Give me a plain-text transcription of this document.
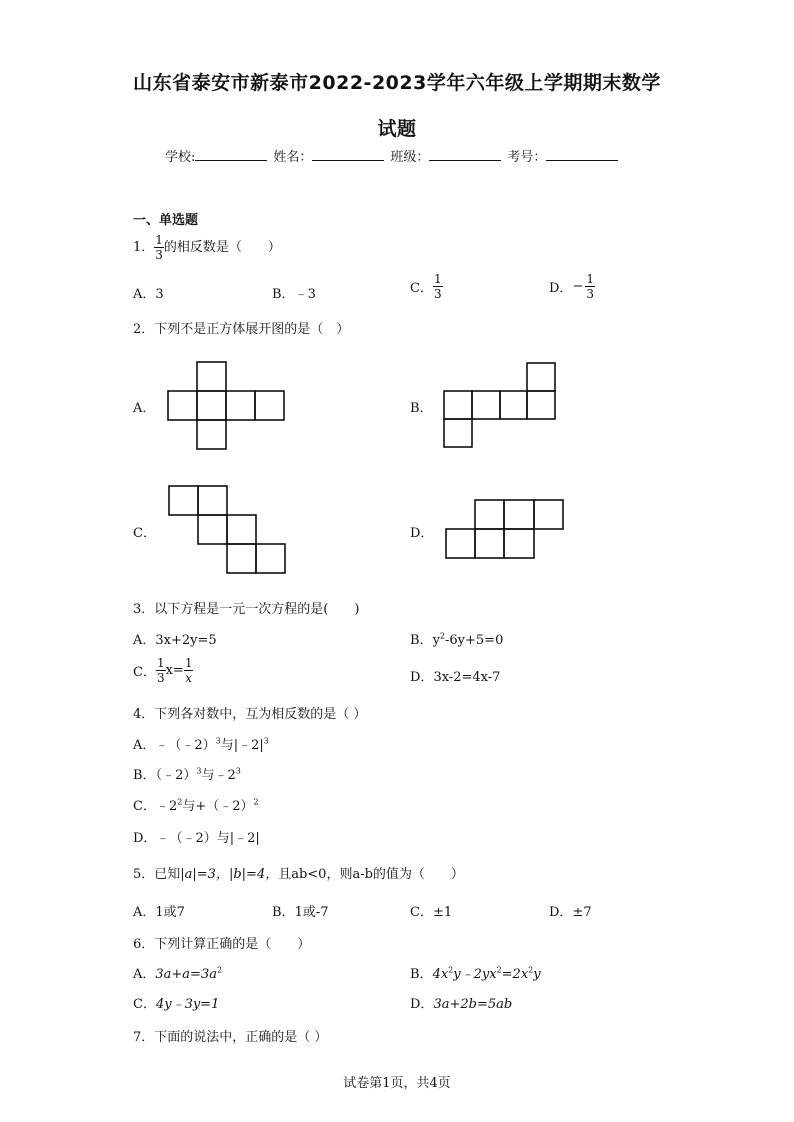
山东省泰安市新泰市2022-2023学年六年级上学期期末数学
试题
学校:	姓名：	班级：	考号：
一、单选题
1． $\frac{1}{3}$ 的相反数是（　　）
A．3	B．﹣3	C． $\frac{1}{3}$	D．− $\frac{1}{3}$
2．下列不是正方体展开图的是（　）
A．	B．
C．	D．
3．以下方程是一元一次方程的是(　　)
A．3x+2y=5	B．$y^2-6y+5=0$
C． $\frac{1}{3} x= \frac{1}{x}$	D．3x-2=4x-7
4．下列各对数中，互为相反数的是（ ）
A．﹣（﹣2）$^3$与$|﹣2|^3$
B．（﹣2）$^3$与$﹣2^3$
C．$﹣2^2$与+（﹣2）$^2$
D．﹣（﹣2）与|﹣2|
5．已知|a|=3，|b|=4，且ab<0，则a-b的值为（　　）
A．1或7	B．1或-7	C．±1	D．±7
6．下列计算正确的是（　　）
A．$3a+a=3a^2$	B．$4x^2y﹣2yx^2=2x^2y$
C．4y﹣3y=1	D．3a+2b=5ab
7．下面的说法中，正确的是（ ）
试卷第1页，共4页
